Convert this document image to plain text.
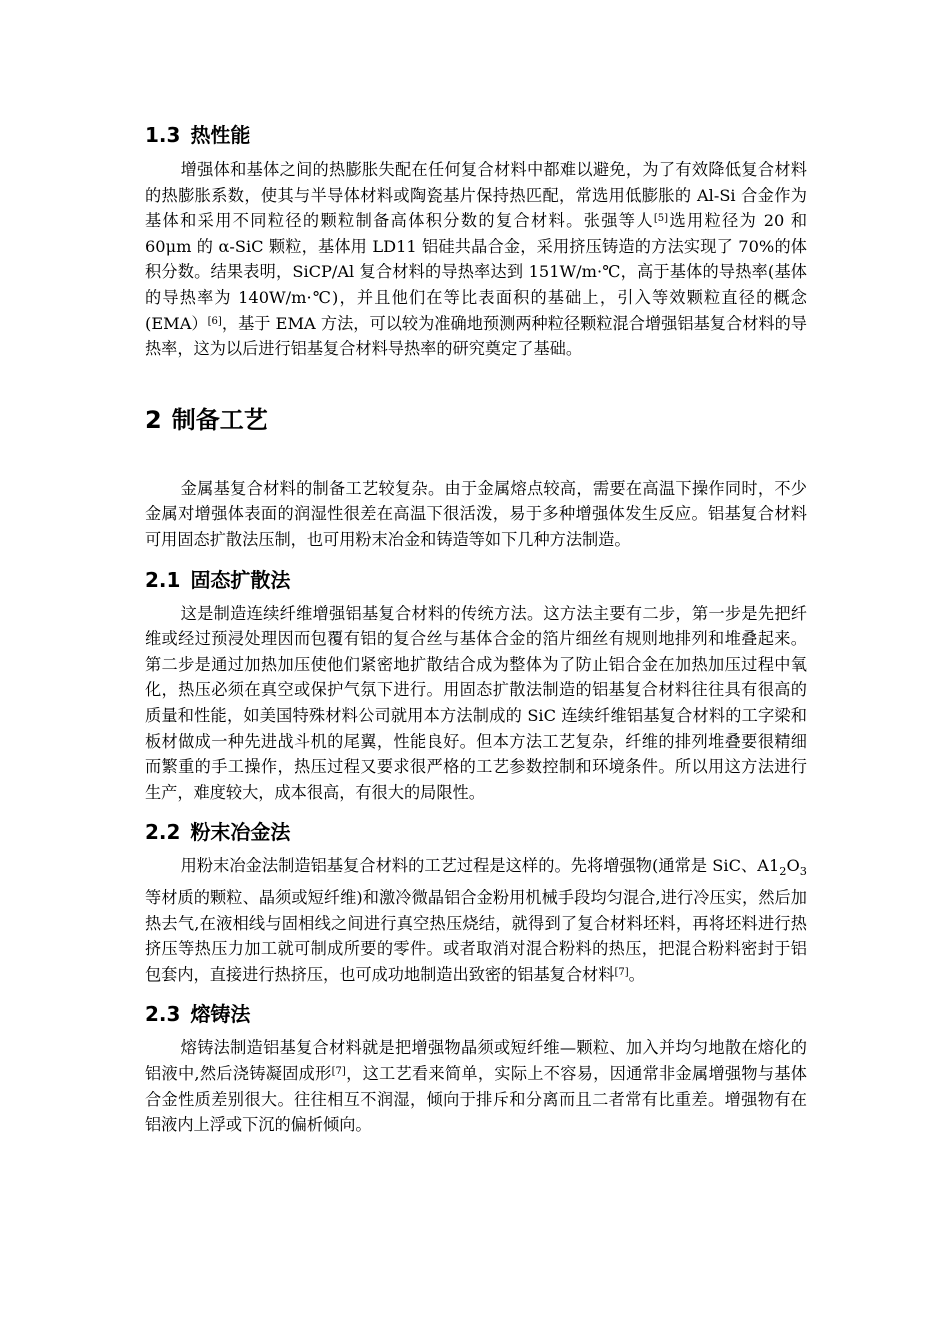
1.3 热性能

增强体和基体之间的热膨胀失配在任何复合材料中都难以避免，为了有效降低复合材料的热膨胀系数，使其与半导体材料或陶瓷基片保持热匹配，常选用低膨胀的 Al-Si 合金作为基体和采用不同粒径的颗粒制备高体积分数的复合材料。张强等人[5]选用粒径为 20 和 60μm 的 α-SiC 颗粒，基体用 LD11 铝硅共晶合金，采用挤压铸造的方法实现了 70%的体积分数。结果表明，SiCP/Al 复合材料的导热率达到 151W/m·℃，高于基体的导热率(基体的导热率为 140W/m·℃)，并且他们在等比表面积的基础上，引入等效颗粒直径的概念(EMA）[6]，基于 EMA 方法，可以较为准确地预测两种粒径颗粒混合增强铝基复合材料的导热率，这为以后进行铝基复合材料导热率的研究奠定了基础。

2 制备工艺

金属基复合材料的制备工艺较复杂。由于金属熔点较高，需要在高温下操作同时，不少金属对增强体表面的润湿性很差在高温下很活泼，易于多种增强体发生反应。铝基复合材料可用固态扩散法压制，也可用粉末冶金和铸造等如下几种方法制造。

2.1 固态扩散法

这是制造连续纤维增强铝基复合材料的传统方法。这方法主要有二步，第一步是先把纤维或经过预浸处理因而包覆有铝的复合丝与基体合金的箔片细丝有规则地排列和堆叠起来。第二步是通过加热加压使他们紧密地扩散结合成为整体为了防止铝合金在加热加压过程中氧化，热压必须在真空或保护气氛下进行。用固态扩散法制造的铝基复合材料往往具有很高的质量和性能，如美国特殊材料公司就用本方法制成的 SiC 连续纤维铝基复合材料的工字梁和板材做成一种先进战斗机的尾翼，性能良好。但本方法工艺复杂，纤维的排列堆叠要很精细而繁重的手工操作，热压过程又要求很严格的工艺参数控制和环境条件。所以用这方法进行生产，难度较大，成本很高，有很大的局限性。

2.2 粉末冶金法

用粉末冶金法制造铝基复合材料的工艺过程是这样的。先将增强物(通常是 SiC、$A1_2O_3$等材质的颗粒、晶须或短纤维)和激冷微晶铝合金粉用机械手段均匀混合,进行冷压实，然后加热去气,在液相线与固相线之间进行真空热压烧结，就得到了复合材料坯料，再将坯料进行热挤压等热压力加工就可制成所要的零件。或者取消对混合粉料的热压，把混合粉料密封于铝包套内，直接进行热挤压，也可成功地制造出致密的铝基复合材料[7]。

2.3 熔铸法

熔铸法制造铝基复合材料就是把增强物晶须或短纤维—颗粒、加入并均匀地散在熔化的铝液中,然后浇铸凝固成形[7]，这工艺看来简单，实际上不容易，因通常非金属增强物与基体合金性质差别很大。往往相互不润湿，倾向于排斥和分离而且二者常有比重差。增强物有在铝液内上浮或下沉的偏析倾向。
